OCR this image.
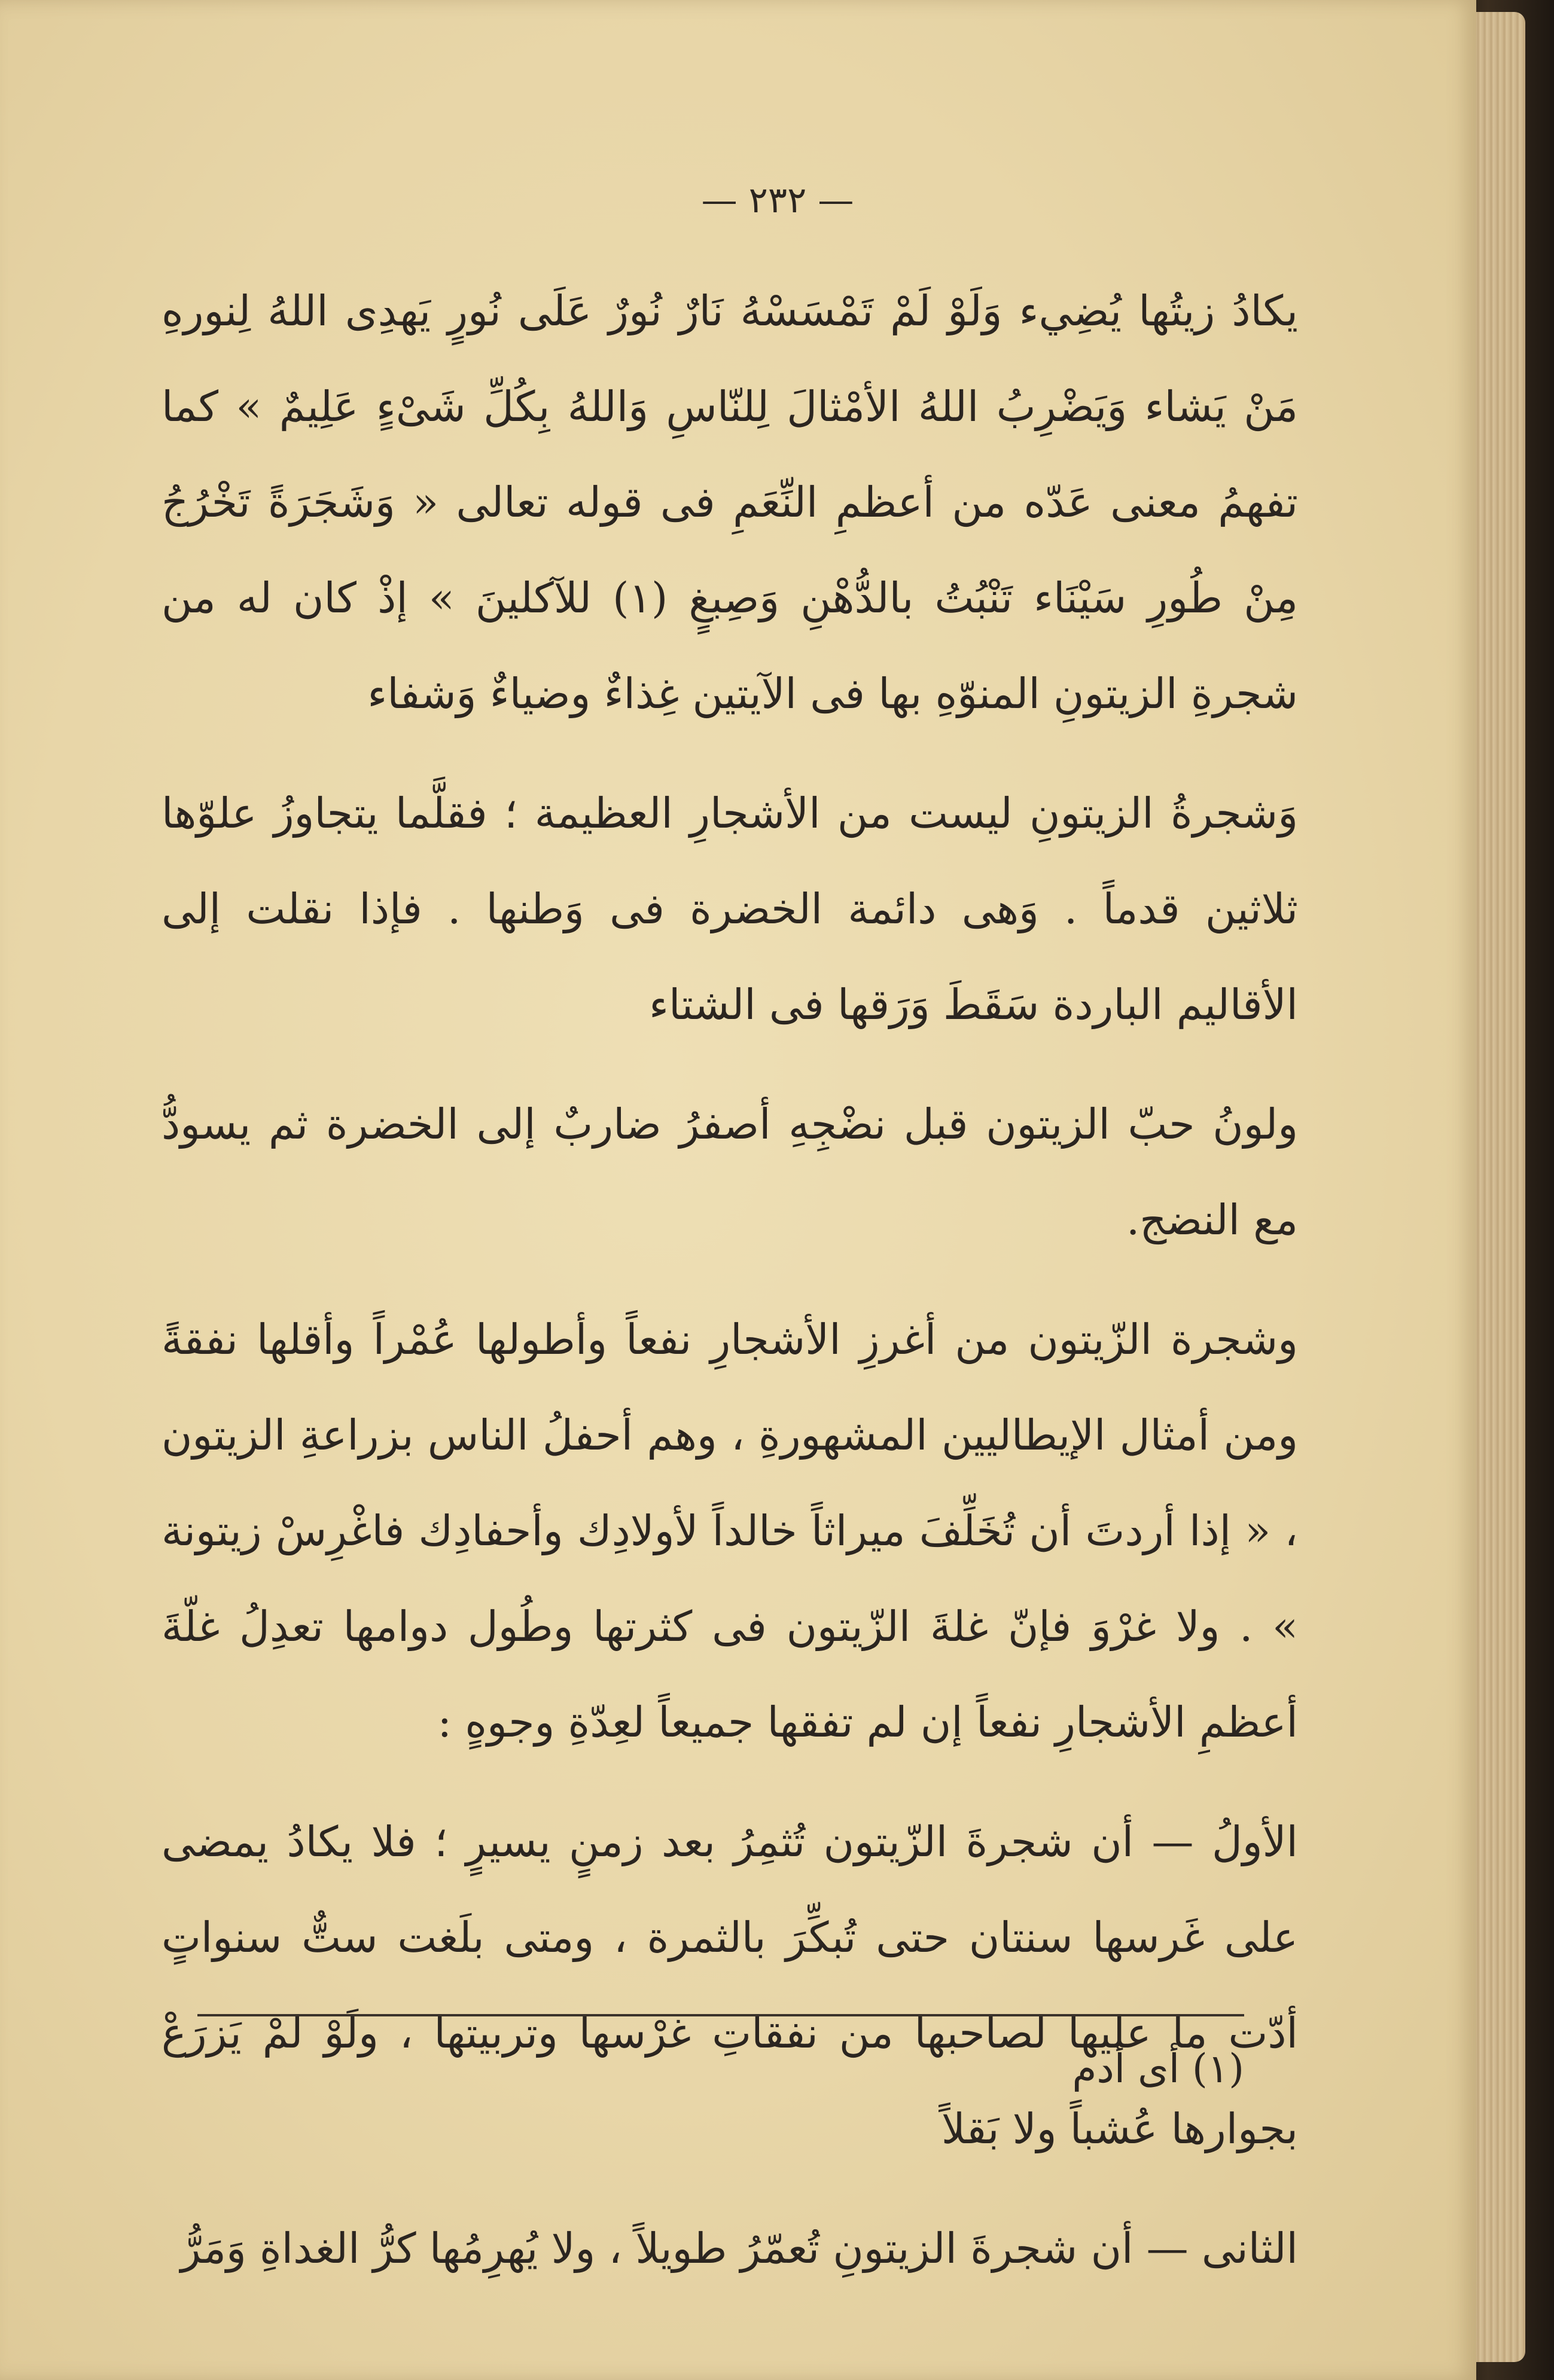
— ٢٣٢ —

يكادُ زيتُها يُضِيء وَلَوْ لَمْ تَمْسَسْهُ نَارٌ نُورٌ عَلَى نُورٍ يَهدِى اللهُ لِنورهِ مَنْ يَشاء وَيَضْرِبُ اللهُ الأمْثالَ لِلنّاسِ وَاللهُ بِكُلِّ شَىْءٍ عَلِيمٌ » كما تفهمُ معنى عَدّه من أعظمِ النِّعَمِ فى قوله تعالى « وَشَجَرَةً تَخْرُجُ مِنْ طُورِ سَيْنَاء تَنْبُتُ بالدُّهْنِ وَصِبغٍ (١) للآكلينَ » إذْ كان له من شجرةِ الزيتونِ المنوّهِ بها فى الآيتين غِذاءٌ وضياءٌ وَشفاء

وَشجرةُ الزيتونِ ليست من الأشجارِ العظيمة ؛ فقلَّما يتجاوزُ علوّها ثلاثين قدماً . وَهى دائمة الخضرة فى وَطنها . فإذا نقلت إلى الأقاليم الباردة سَقَطَ وَرَقها فى الشتاء

ولونُ حبّ الزيتون قبل نضْجِهِ أصفرُ ضاربٌ إلى الخضرة ثم يسودُّ مع النضج.

وشجرة الزّيتون من أغرزِ الأشجارِ نفعاً وأطولها عُمْراً وأقلها نفقةً ومن أمثال الإيطاليين المشهورةِ ، وهم أحفلُ الناس بزراعةِ الزيتون ، « إذا أردتَ أن تُخَلِّفَ ميراثاً خالداً لأولادِك وأحفادِك فاغْرِسْ زيتونة » . ولا غرْوَ فإنّ غلةَ الزّيتون فى كثرتها وطُول دوامها تعدِلُ غلّةَ أعظمِ الأشجارِ نفعاً إن لم تفقها جميعاً لعِدّةِ وجوهٍ :

الأولُ — أن شجرةَ الزّيتون تُثمِرُ بعد زمنٍ يسيرٍ ؛ فلا يكادُ يمضى على غَرسها سنتان حتى تُبكِّرَ بالثمرة ، ومتى بلَغت ستٌّ سنواتٍ أدّت ما عليها لصاحبها من نفقاتِ غرْسها وتربيتها ، ولَوْ لمْ يَزرَعْ بجوارها عُشباً ولا بَقلاً

الثانى — أن شجرةَ الزيتونِ تُعمّرُ طويلاً ، ولا يُهرِمُها كرُّ الغداةِ وَمَرُّ

(١) أى أدم
